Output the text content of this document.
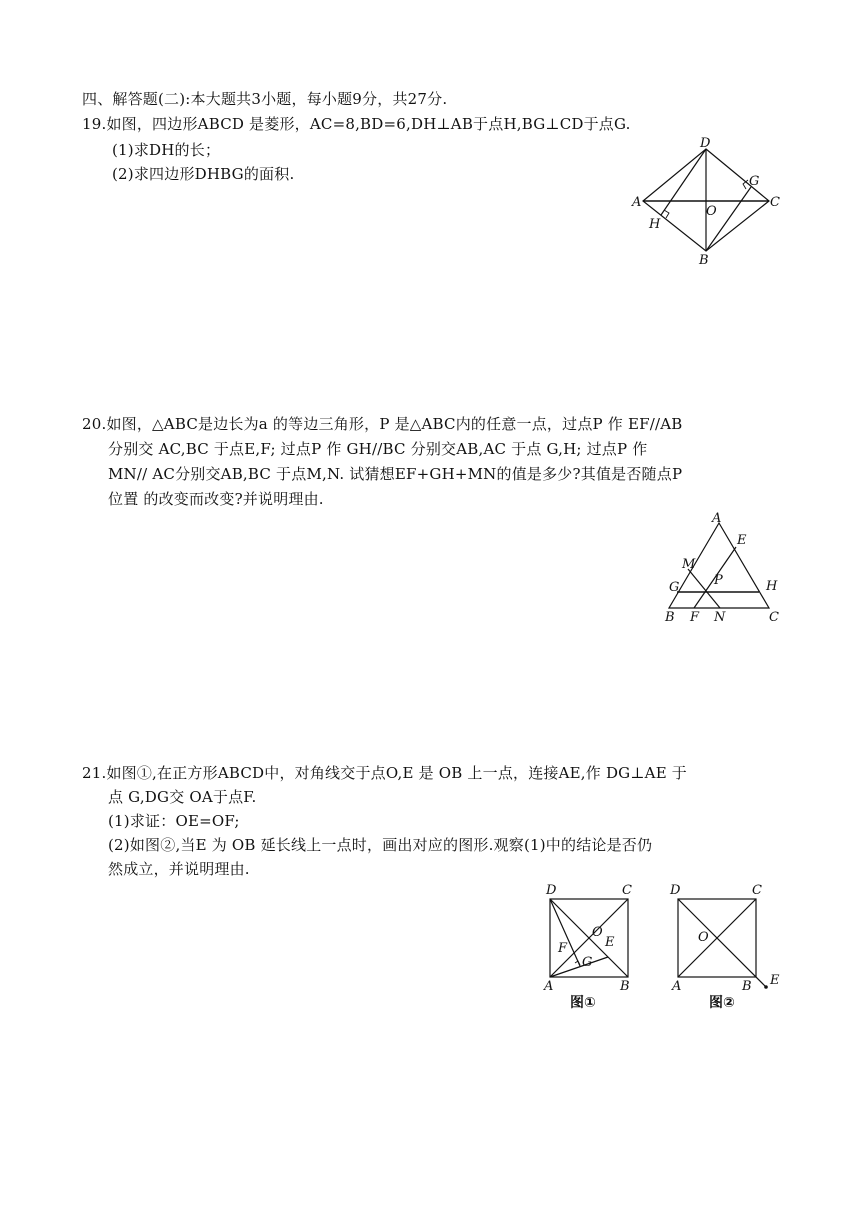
四、解答题(二):本大题共3小题，每小题9分，共27分.
19.如图，四边形ABCD 是菱形，AC=8,BD=6,DH⊥AB于点H,BG⊥CD于点G.
(1)求DH的长；
(2)求四边形DHBG的面积.
D
G
A
O
C
H
B
20.如图，△ABC是边长为a 的等边三角形，P 是△ABC内的任意一点，过点P 作 EF//AB
分别交 AC,BC 于点E,F; 过点P 作 GH//BC 分别交AB,AC 于点 G,H; 过点P 作
MN// AC分别交AB,BC 于点M,N. 试猜想EF+GH+MN的值是多少?其值是否随点P
位置 的改变而改变?并说明理由.
A
E
M
G	P	H
B F N	C
21.如图①,在正方形ABCD中，对角线交于点O,E 是 OB 上一点，连接AE,作 DG⊥AE 于
点 G,DG交 OA于点F.
(1)求证：OE=OF;
(2)如图②,当E 为 OB 延长线上一点时，画出对应的图形.观察(1)中的结论是否仍
然成立，并说明理由.
D	C
O
F	E
G
A	B
图①
D	C
O
A	B E
图②
